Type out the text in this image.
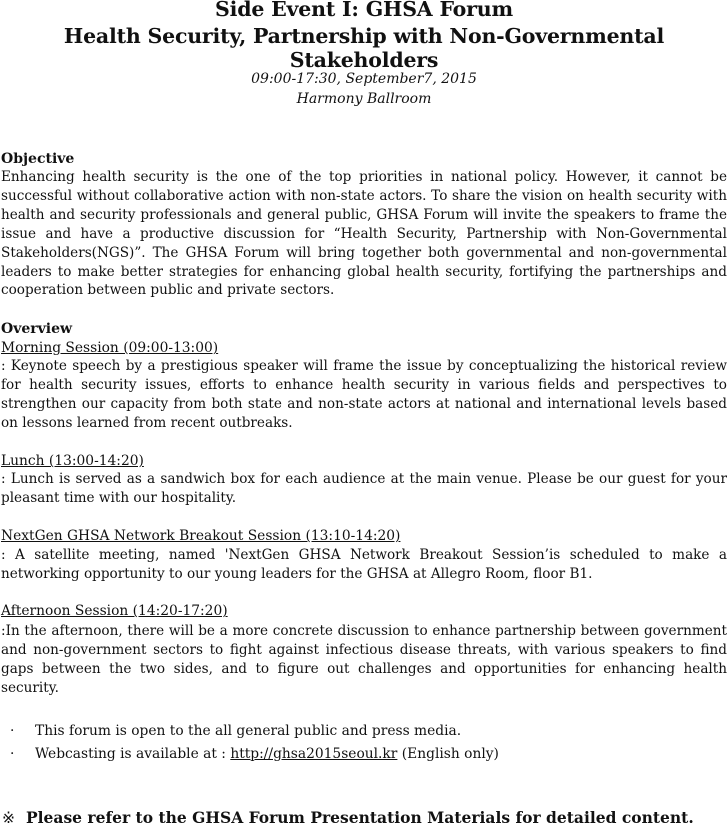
Side Event I: GHSA Forum
Health Security, Partnership with Non-Governmental Stakeholders
09:00-17:30, September7, 2015
Harmony Ballroom
Objective
Enhancing health security is the one of the top priorities in national policy. However, it cannot be successful without collaborative action with non-state actors. To share the vision on health security with health and security professionals and general public, GHSA Forum will invite the speakers to frame the issue and have a productive discussion for “Health Security, Partnership with Non-Governmental Stakeholders(NGS)”. The GHSA Forum will bring together both governmental and non-governmental leaders to make better strategies for enhancing global health security, fortifying the partnerships and cooperation between public and private sectors.
Overview
Morning Session (09:00-13:00)
: Keynote speech by a prestigious speaker will frame the issue by conceptualizing the historical review for health security issues, efforts to enhance health security in various fields and perspectives to strengthen our capacity from both state and non-state actors at national and international levels based on lessons learned from recent outbreaks.
Lunch (13:00-14:20)
: Lunch is served as a sandwich box for each audience at the main venue. Please be our guest for your pleasant time with our hospitality.
NextGen GHSA Network Breakout Session (13:10-14:20)
: A satellite meeting, named 'NextGen GHSA Network Breakout Session’is scheduled to make a networking opportunity to our young leaders for the GHSA at Allegro Room, floor B1.
Afternoon Session (14:20-17:20)
:In the afternoon, there will be a more concrete discussion to enhance partnership between government and non-government sectors to fight against infectious disease threats, with various speakers to find gaps between the two sides, and to figure out challenges and opportunities for enhancing health security.
· This forum is open to the all general public and press media.
· Webcasting is available at : http://ghsa2015seoul.kr (English only)
※ Please refer to the GHSA Forum Presentation Materials for detailed content.
